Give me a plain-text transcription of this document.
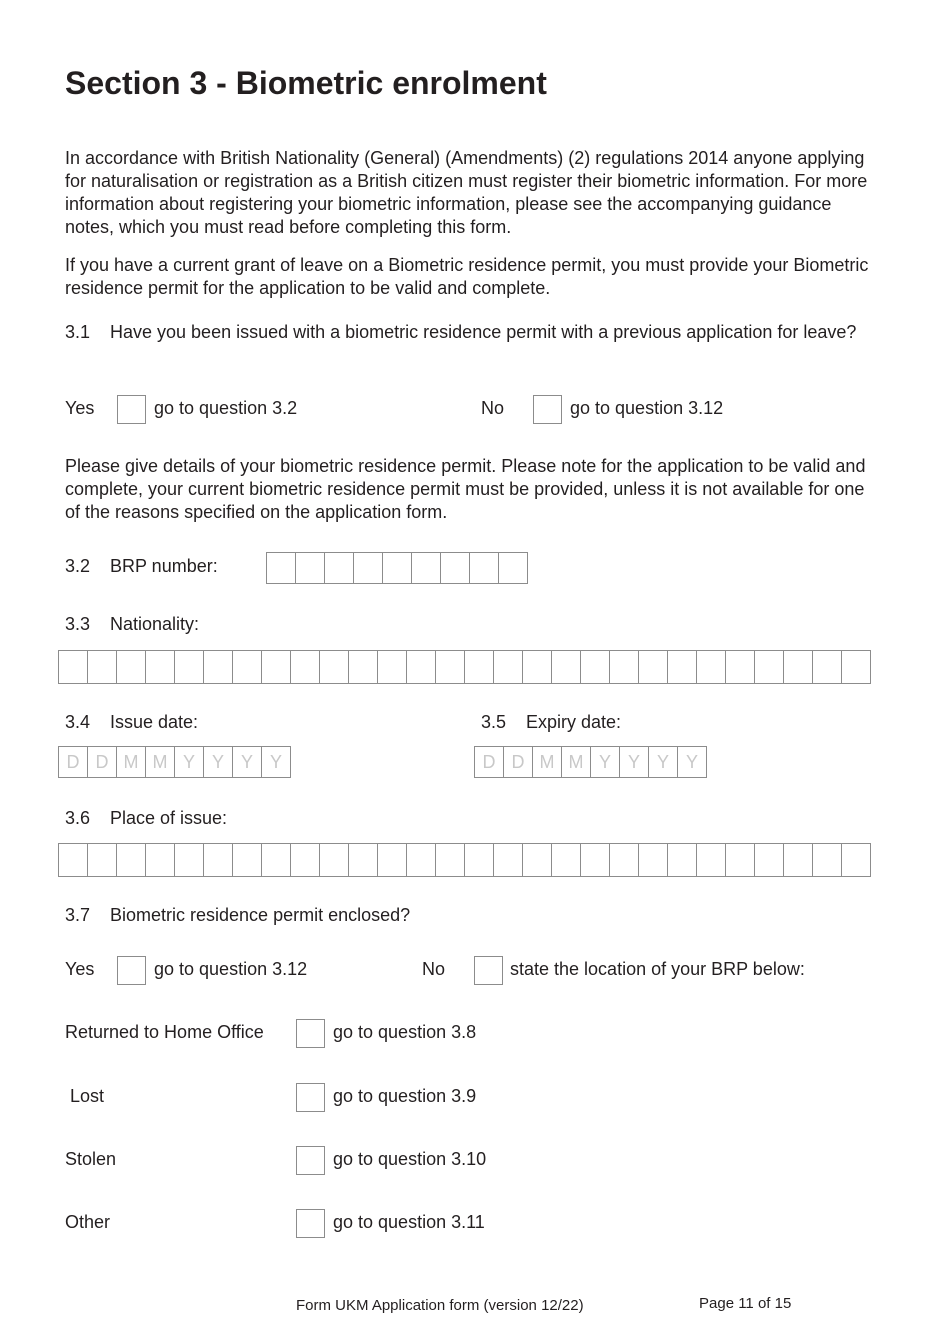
Section 3 - Biometric enrolment

In accordance with British Nationality (General) (Amendments) (2) regulations 2014 anyone applying for naturalisation or registration as a British citizen must register their biometric information. For more information about registering your biometric information, please see the accompanying guidance notes, which you must read before completing this form.

If you have a current grant of leave on a Biometric residence permit, you must provide your Biometric residence permit for the application to be valid and complete.

3.1 Have you been issued with a biometric residence permit with a previous application for leave?
Yes	go to question 3.2	No	go to question 3.12

Please give details of your biometric residence permit. Please note for the application to be valid and complete, your current biometric residence permit must be provided, unless it is not available for one of the reasons specified on the application form.

3.2 BRP number:
3.3 Nationality:
3.4 Issue date:	3.5 Expiry date:
D D M M Y Y Y Y	D D M M Y Y Y Y
3.6 Place of issue:
3.7 Biometric residence permit enclosed?
Yes	go to question 3.12	No	state the location of your BRP below:
Returned to Home Office	go to question 3.8
Lost	go to question 3.9
Stolen	go to question 3.10
Other	go to question 3.11
Form UKM Application form (version 12/22)	Page 11 of 15
